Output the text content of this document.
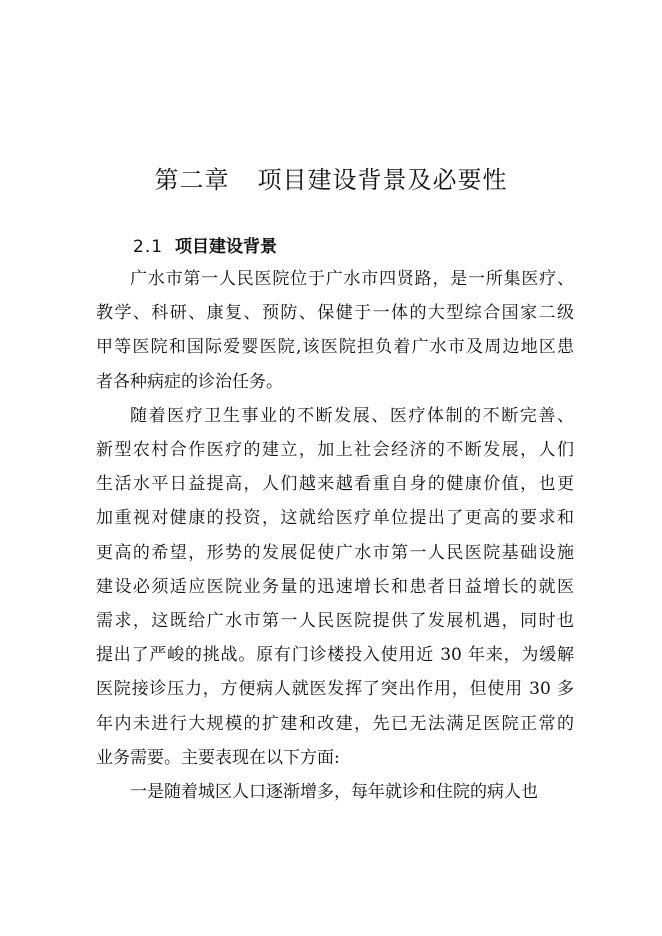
第二章 项目建设背景及必要性
2.1 项目建设背景
广水市第一人民医院位于广水市四贤路，是一所集医疗、
教学、科研、康复、预防、保健于一体的大型综合国家二级
甲等医院和国际爱婴医院,该医院担负着广水市及周边地区患
者各种病症的诊治任务。
随着医疗卫生事业的不断发展、医疗体制的不断完善、
新型农村合作医疗的建立，加上社会经济的不断发展，人们
生活水平日益提高，人们越来越看重自身的健康价值，也更
加重视对健康的投资，这就给医疗单位提出了更高的要求和
更高的希望，形势的发展促使广水市第一人民医院基础设施
建设必须适应医院业务量的迅速增长和患者日益增长的就医
需求，这既给广水市第一人民医院提供了发展机遇，同时也
提出了严峻的挑战。原有门诊楼投入使用近 30 年来，为缓解
医院接诊压力，方便病人就医发挥了突出作用，但使用 30 多
年内未进行大规模的扩建和改建，先已无法满足医院正常的
业务需要。主要表现在以下方面:
一是随着城区人口逐渐增多，每年就诊和住院的病人也
